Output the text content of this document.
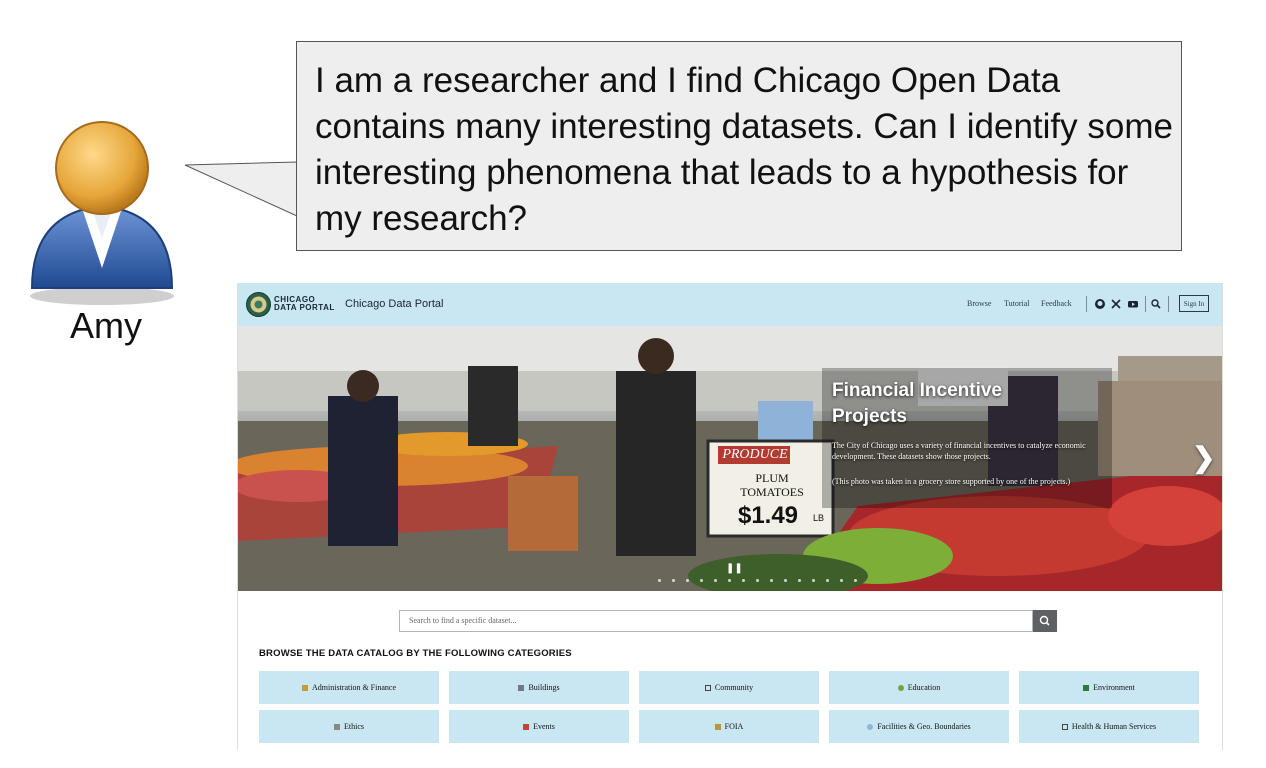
Amy
I am a researcher and I find Chicago Open Data contains many interesting datasets. Can I identify some interesting phenomena that leads to a hypothesis for my research?
CHICAGO
DATA PORTAL Chicago Data Portal	Browse Tutorial Feedback	Sign In
PRODUCE
PLUM
TOMATOES
$1.49 LB
Financial Incentive Projects
The City of Chicago uses a variety of financial incentives to catalyze economic development. These datasets show those projects.
(This photo was taken in a grocery store supported by one of the projects.)
❯
❚❚
Search to find a specific dataset...
BROWSE THE DATA CATALOG BY THE FOLLOWING CATEGORIES
Administration & Finance	Buildings	Community	Education	Environment
Ethics	Events	FOIA	Facilities & Geo. Boundaries	Health & Human Services
